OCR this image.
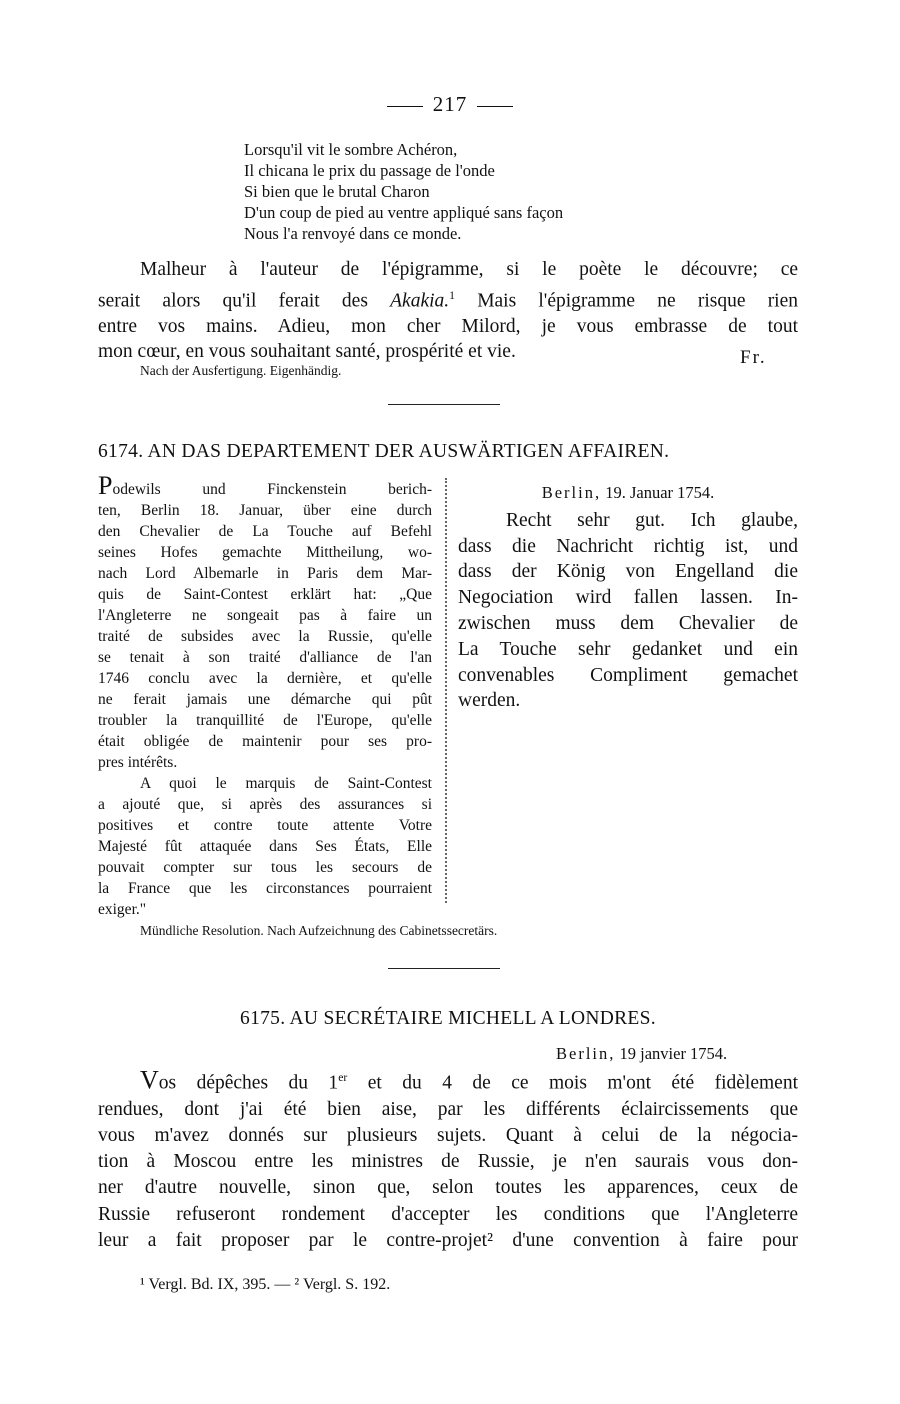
217
Lorsqu'il vit le sombre Achéron,
Il chicana le prix du passage de l'onde
Si bien que le brutal Charon
D'un coup de pied au ventre appliqué sans façon
Nous l'a renvoyé dans ce monde.
Malheur à l'auteur de l'épigramme, si le poète le découvre; ce
serait alors qu'il ferait des Akakia.$^1$ Mais l'épigramme ne risque rien
entre vos mains. Adieu, mon cher Milord, je vous embrasse de tout
mon cœur, en vous souhaitant santé, prospérité et vie.	Fr.
Nach der Ausfertigung. Eigenhändig.
6174. AN DAS DEPARTEMENT DER AUSWÄRTIGEN AFFAIREN.
Podewils und Finckenstein berich-
ten, Berlin 18. Januar, über eine durch
den Chevalier de La Touche auf Befehl
seines Hofes gemachte Mittheilung, wo-
nach Lord Albemarle in Paris dem Mar-
quis de Saint-Contest erklärt hat: „Que
l'Angleterre ne songeait pas à faire un
traité de subsides avec la Russie, qu'elle
se tenait à son traité d'alliance de l'an
1746 conclu avec la dernière, et qu'elle
ne ferait jamais une démarche qui pût
troubler la tranquillité de l'Europe, qu'elle
était obligée de maintenir pour ses pro-
pres intérêts.
A quoi le marquis de Saint-Contest
a ajouté que, si après des assurances si
positives et contre toute attente Votre
Majesté fût attaquée dans Ses États, Elle
pouvait compter sur tous les secours de
la France que les circonstances pourraient
exiger."
Berlin, 19. Januar 1754.
Recht sehr gut. Ich glaube,
dass die Nachricht richtig ist, und
dass der König von Engelland die
Negociation wird fallen lassen. In-
zwischen muss dem Chevalier de
La Touche sehr gedanket und ein
convenables Compliment gemachet
werden.
Mündliche Resolution. Nach Aufzeichnung des Cabinetssecretärs.
6175. AU SECRÉTAIRE MICHELL A LONDRES.
Berlin, 19 janvier 1754.
Vos dépêches du 1er et du 4 de ce mois m'ont été fidèlement
rendues, dont j'ai été bien aise, par les différents éclaircissements que
vous m'avez donnés sur plusieurs sujets. Quant à celui de la négocia-
tion à Moscou entre les ministres de Russie, je n'en saurais vous don-
ner d'autre nouvelle, sinon que, selon toutes les apparences, ceux de
Russie refuseront rondement d'accepter les conditions que l'Angleterre
leur a fait proposer par le contre-projet² d'une convention à faire pour
¹ Vergl. Bd. IX, 395. — ² Vergl. S. 192.
